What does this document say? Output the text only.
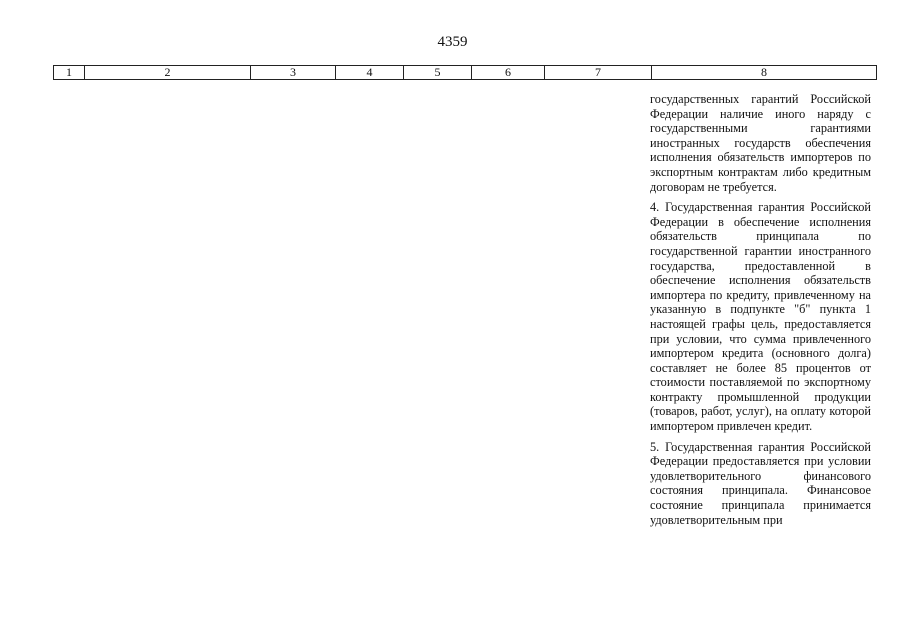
4359
1	2	3	4	5	6	7	8

государственных гарантий Российской Федерации наличие иного наряду с государственными гарантиями иностранных государств обеспечения исполнения обязательств импортеров по экспортным контрактам либо кредитным договорам не требуется.

4. Государственная гарантия Российской Федерации в обеспечение исполнения обязательств принципала по государственной гарантии иностранного государства, предоставленной в обеспечение исполнения обязательств импортера по кредиту, привлеченному на указанную в подпункте "б" пункта 1 настоящей графы цель, предоставляется при условии, что сумма привлеченного импортером кредита (основного долга) составляет не более 85 процентов от стоимости поставляемой по экспортному контракту промышленной продукции (товаров, работ, услуг), на оплату которой импортером привлечен кредит.

5. Государственная гарантия Российской Федерации предоставляется при условии удовлетворительного финансового состояния принципала. Финансовое состояние принципала принимается удовлетворительным при
